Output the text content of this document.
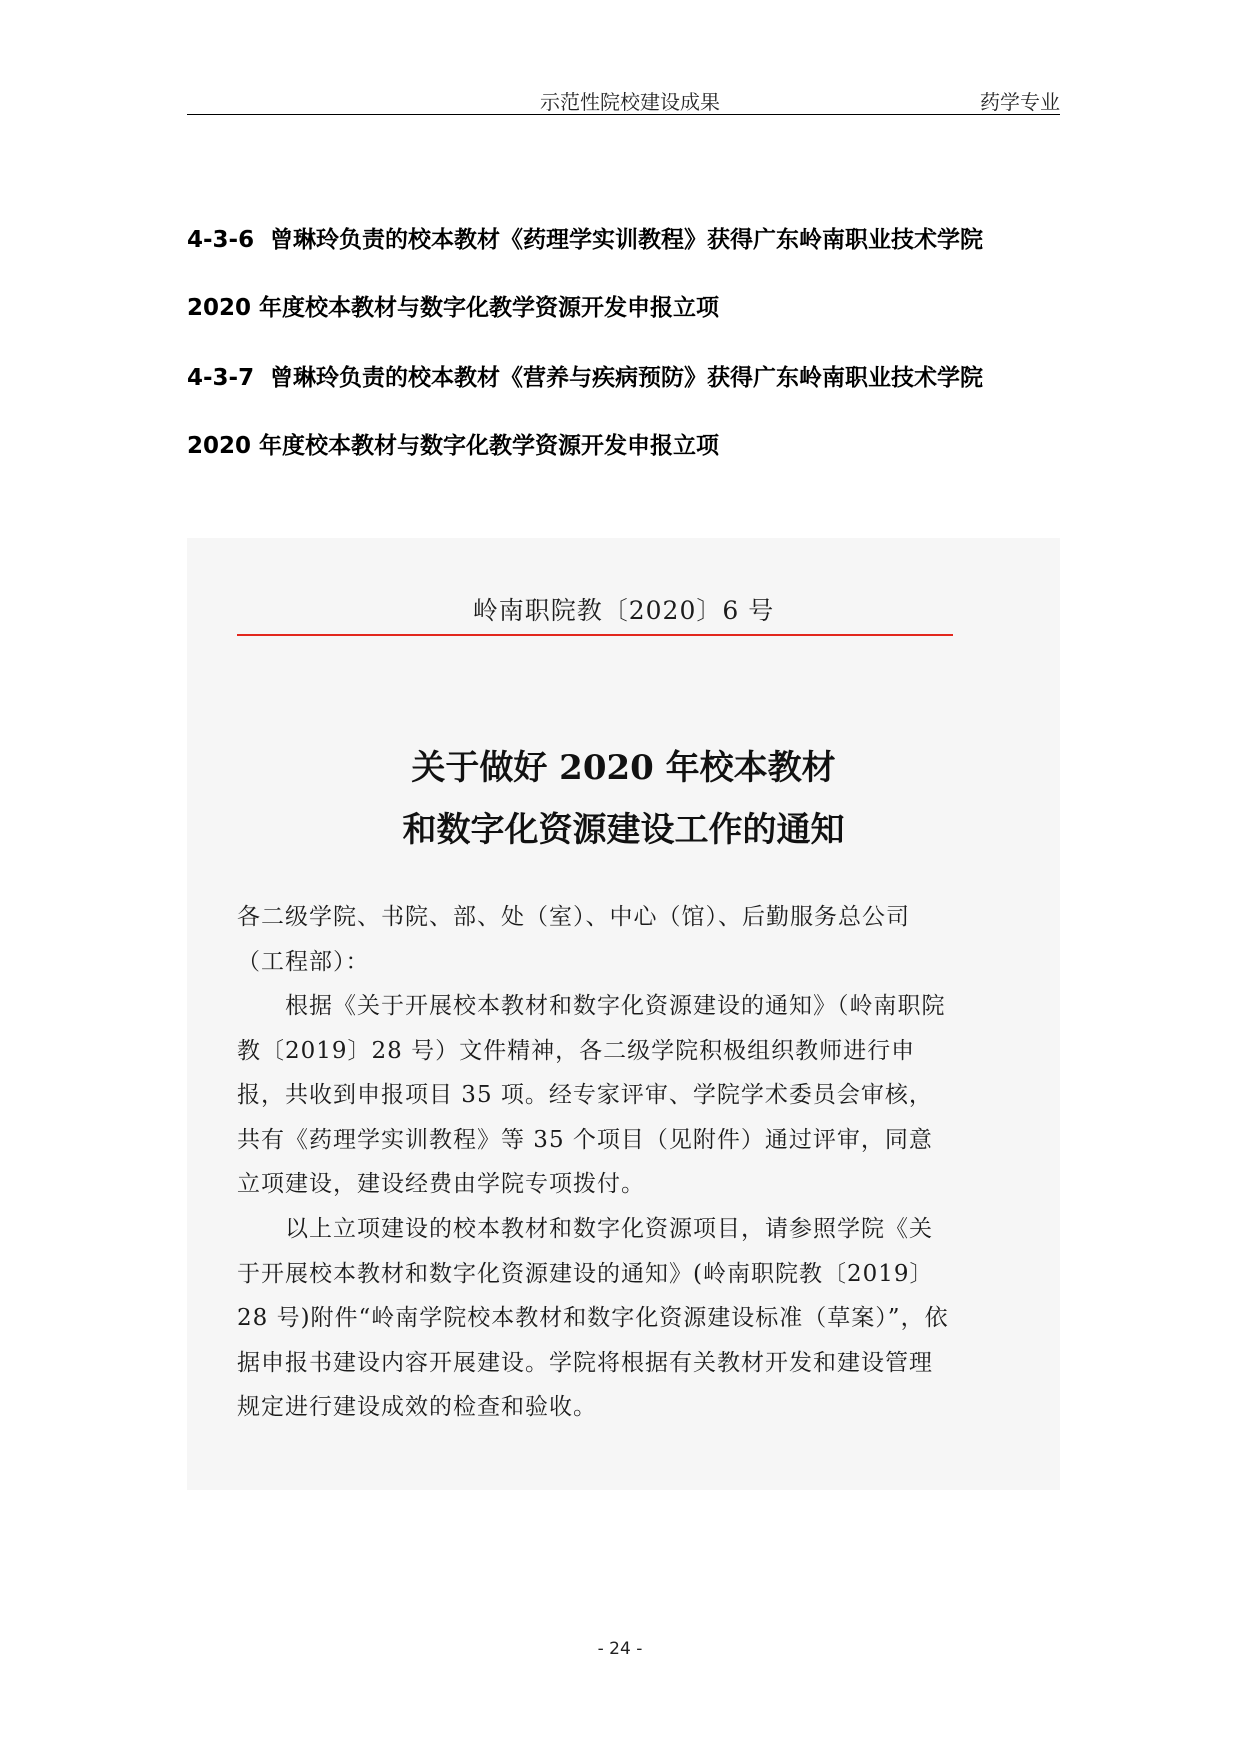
示范性院校建设成果	药学专业
4-3-6 曾琳玲负责的校本教材《药理学实训教程》获得广东岭南职业技术学院
2020 年度校本教材与数字化教学资源开发申报立项
4-3-7 曾琳玲负责的校本教材《营养与疾病预防》获得广东岭南职业技术学院
2020 年度校本教材与数字化教学资源开发申报立项
岭南职院教〔2020〕6 号
关于做好 2020 年校本教材
和数字化资源建设工作的通知

各二级学院、书院、部、处（室）、中心（馆）、后勤服务总公司（工程部）：

根据《关于开展校本教材和数字化资源建设的通知》（岭南职院教〔2019〕28 号）文件精神，各二级学院积极组织教师进行申报，共收到申报项目 35 项。经专家评审、学院学术委员会审核，共有《药理学实训教程》等 35 个项目（见附件）通过评审，同意立项建设，建设经费由学院专项拨付。

以上立项建设的校本教材和数字化资源项目，请参照学院《关于开展校本教材和数字化资源建设的通知》(岭南职院教〔2019〕28 号)附件“岭南学院校本教材和数字化资源建设标准（草案）”，依据申报书建设内容开展建设。学院将根据有关教材开发和建设管理规定进行建设成效的检查和验收。

- 24 -
